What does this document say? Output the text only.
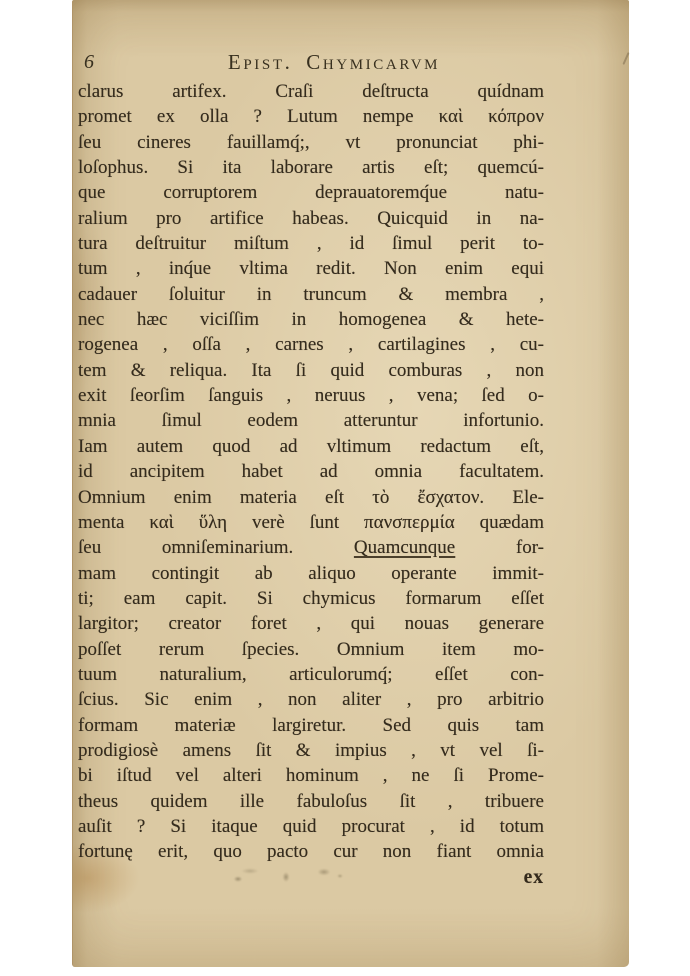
6	Epist. Chymicarvm
clarus artifex. Craſi deſtructa quídnam
promet ex olla ? Lutum nempe καὶ κόπρον
ſeu cineres fauillamq́;, vt pronunciat phi-
loſophus. Si ita laborare artis eſt; quemcú-
que corruptorem deprauatoremq́ue natu-
ralium pro artifice habeas. Quicquid in na-
tura deſtruitur miſtum , id ſimul perit to-
tum , inq́ue vltima redit. Non enim equi
cadauer ſoluitur in truncum & membra ,
nec hæc viciſſim in homogenea & hete-
rogenea , oſſa , carnes , cartilagines , cu-
tem & reliqua. Ita ſi quid comburas , non
exit ſeorſim ſanguis , neruus , vena; ſed o-
mnia ſimul eodem atteruntur infortunio.
Iam autem quod ad vltimum redactum eſt,
id ancipitem habet ad omnia facultatem.
Omnium enim materia eſt τὸ ἔσχατον. Ele-
menta καὶ ὕλη verè ſunt πανσπερμία quædam
ſeu omniſeminarium. Quamcunque for-
mam contingit ab aliquo operante immit-
ti; eam capit. Si chymicus formarum eſſet
largitor; creator foret , qui nouas generare
poſſet rerum ſpecies. Omnium item mo-
tuum naturalium, articulorumq́; eſſet con-
ſcius. Sic enim , non aliter , pro arbitrio
formam materiæ largiretur. Sed quis tam
prodigiosè amens ſit & impius , vt vel ſi-
bi iſtud vel alteri hominum , ne ſi Prome-
theus quidem ille fabuloſus ſit , tribuere
auſit ? Si itaque quid procurat , id totum
fortunę erit, quo pacto cur non fiant omnia
ex
